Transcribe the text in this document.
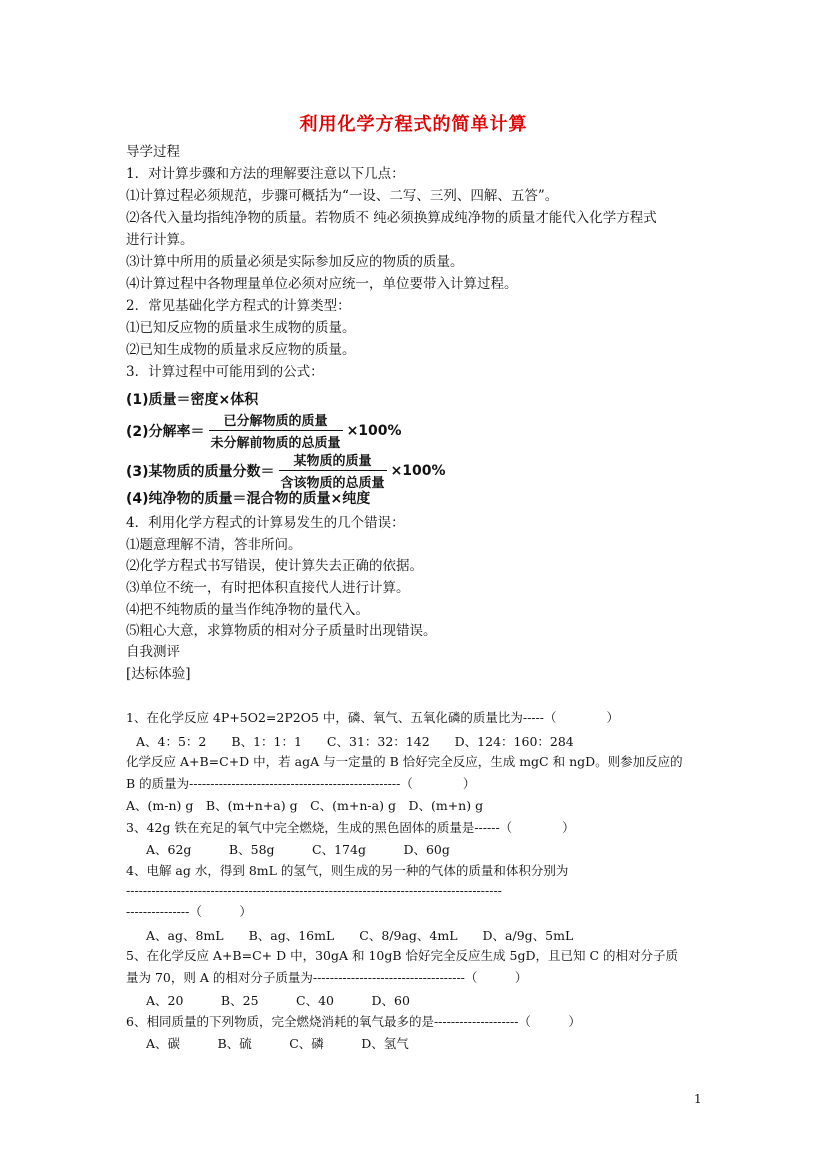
利用化学方程式的简单计算
导学过程
1．对计算步骤和方法的理解要注意以下几点：
⑴计算过程必须规范，步骤可概括为“一设、二写、三列、四解、五答”。
⑵各代入量均指纯净物的质量。若物质不 纯必须换算成纯净物的质量才能代入化学方程式
进行计算。
⑶计算中所用的质量必须是实际参加反应的物质的质量。
⑷计算过程中各物理量单位必须对应统一，单位要带入计算过程。
2．常见基础化学方程式的计算类型：
⑴已知反应物的质量求生成物的质量。
⑵已知生成物的质量求反应物的质量。
3．计算过程中可能用到的公式：
(1)质量＝密度×体积
(2)分解率＝ $\frac{\text{已分解物质的质量}}{\text{未分解前物质的总质量}} \times 100\%$
(3)某物质的质量分数＝ $\frac{\text{某物质的质量}}{\text{含该物质的总质量}} \times 100\%$
(4)纯净物的质量＝混合物的质量×纯度
4．利用化学方程式的计算易发生的几个错误：
⑴题意理解不清，答非所问。
⑵化学方程式书写错误，使计算失去正确的依据。
⑶单位不统一，有时把体积直接代人进行计算。
⑷把不纯物质的量当作纯净物的量代入。
⑸粗心大意，求算物质的相对分子质量时出现错误。
自我测评
[达标体验]
1、在化学反应 4P+5O2=2P2O5 中，磷、氧气、五氧化磷的质量比为-----（　　　　）
A、4：5：2　　B、1：1：1　　C、31：32：142　　D、124：160：284
化学反应 A+B=C+D 中，若 agA 与一定量的 B 恰好完全反应，生成 mgC 和 ngD。则参加反应的
B 的质量为--------------------------------------------------（　　　　）
A、(m-n) g　B、(m+n+a) g　C、(m+n-a) g　D、(m+n) g
3、42g 铁在充足的氧气中完全燃烧，生成的黑色固体的质量是------（　　　　）
A、62g　　　B、58g　　　C、174g　　　D、60g
4、电解 ag 水，得到 8mL 的氢气，则生成的另一种的气体的质量和体积分别为
-----------------------------------------------------------------------------------------
---------------（　　　）
A、ag、8mL　　B、ag、16mL　　C、8/9ag、4mL　　D、a/9g、5mL
5、在化学反应 A+B=C+ D 中，30gA 和 10gB 恰好完全反应生成 5gD，且已知 C 的相对分子质
量为 70，则 A 的相对分子质量为------------------------------------（　　　）
A、20　　　B、25　　　C、40　　　D、60
6、相同质量的下列物质，完全燃烧消耗的氧气最多的是--------------------（　　　）
A、碳　　　B、硫　　　C、磷　　　D、氢气
1
